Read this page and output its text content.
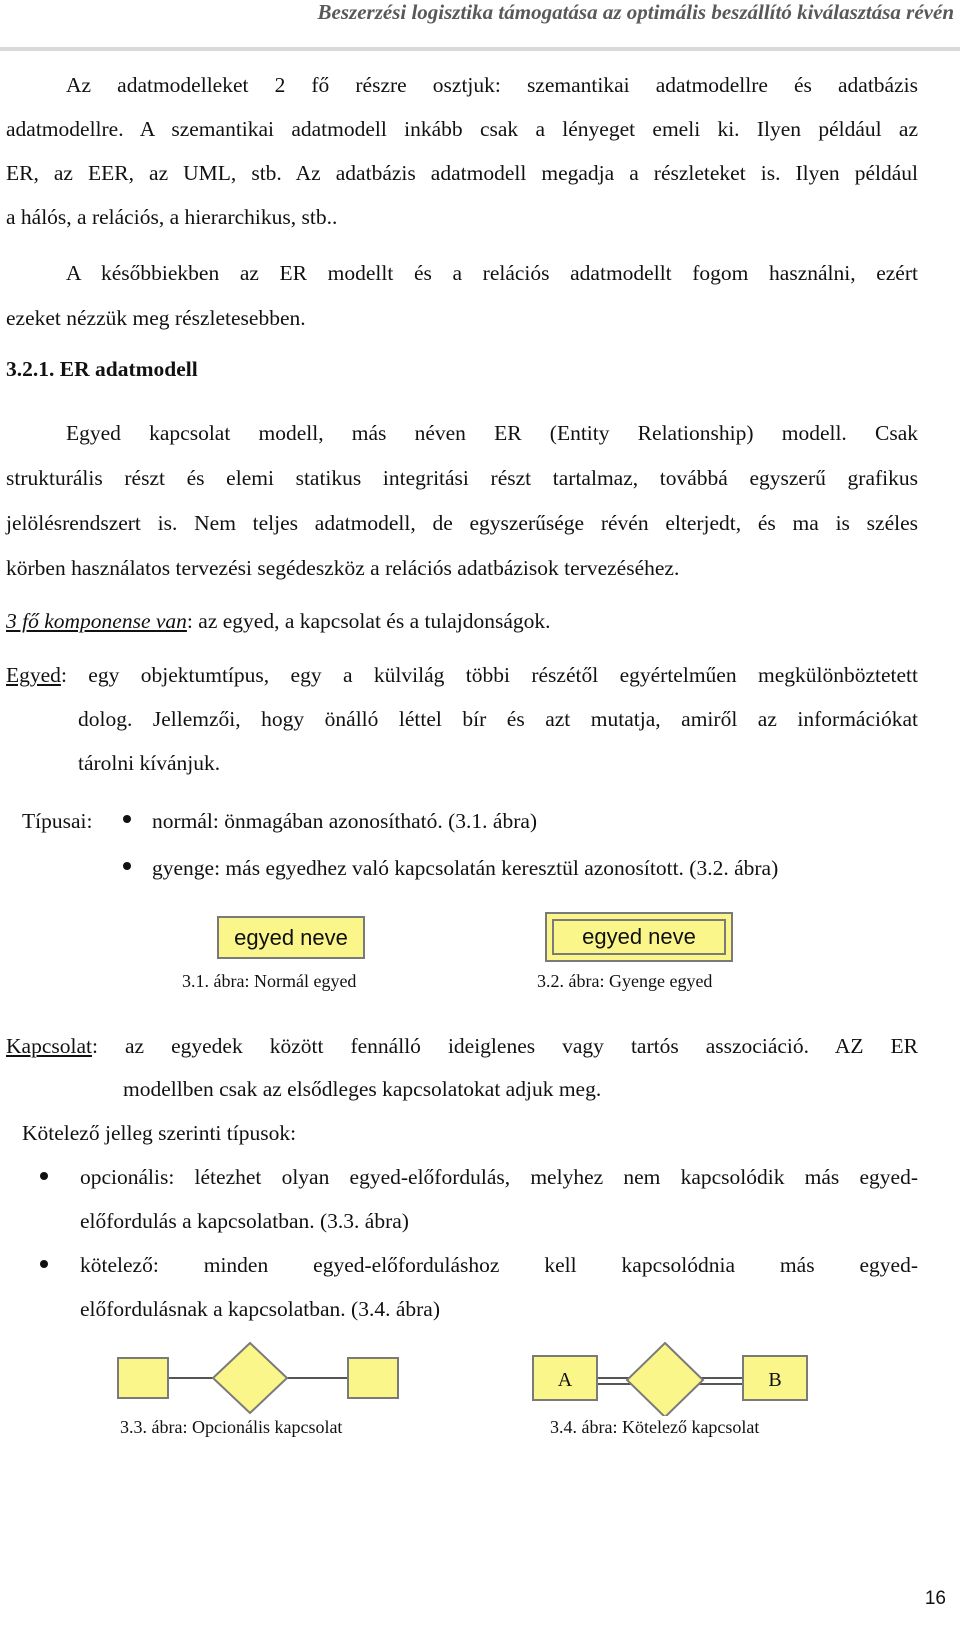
Beszerzési logisztika támogatása az optimális beszállító kiválasztása révén
Az adatmodelleket 2 fő részre osztjuk: szemantikai adatmodellre és adatbázis
adatmodellre. A szemantikai adatmodell inkább csak a lényeget emeli ki. Ilyen például az
ER, az EER, az UML, stb. Az adatbázis adatmodell megadja a részleteket is. Ilyen például
a hálós, a relációs, a hierarchikus, stb..
A későbbiekben az ER modellt és a relációs adatmodellt fogom használni, ezért
ezeket nézzük meg részletesebben.
3.2.1. ER adatmodell
Egyed kapcsolat modell, más néven ER (Entity Relationship) modell. Csak
strukturális részt és elemi statikus integritási részt tartalmaz, továbbá egyszerű grafikus
jelölésrendszert is. Nem teljes adatmodell, de egyszerűsége révén elterjedt, és ma is széles
körben használatos tervezési segédeszköz a relációs adatbázisok tervezéséhez.
3 fő komponense van: az egyed, a kapcsolat és a tulajdonságok.
Egyed: egy objektumtípus, egy a külvilág többi részétől egyértelműen megkülönböztetett
dolog. Jellemzői, hogy önálló léttel bír és azt mutatja, amiről az információkat
tárolni kívánjuk.
Típusai:	normál: önmagában azonosítható. (3.1. ábra)
gyenge: más egyedhez való kapcsolatán keresztül azonosított. (3.2. ábra)
egyed neve
3.1. ábra: Normál egyed
egyed neve
3.2. ábra: Gyenge egyed
Kapcsolat: az egyedek között fennálló ideiglenes vagy tartós asszociáció. AZ ER
modellben csak az elsődleges kapcsolatokat adjuk meg.
Kötelező jelleg szerinti típusok:
opcionális: létezhet olyan egyed-előfordulás, melyhez nem kapcsolódik más egyed-
előfordulás a kapcsolatban. (3.3. ábra)
kötelező: minden egyed-előforduláshoz kell kapcsolódnia más egyed-
előfordulásnak a kapcsolatban. (3.4. ábra)
3.3. ábra: Opcionális kapcsolat
A	B
3.4. ábra: Kötelező kapcsolat
16
